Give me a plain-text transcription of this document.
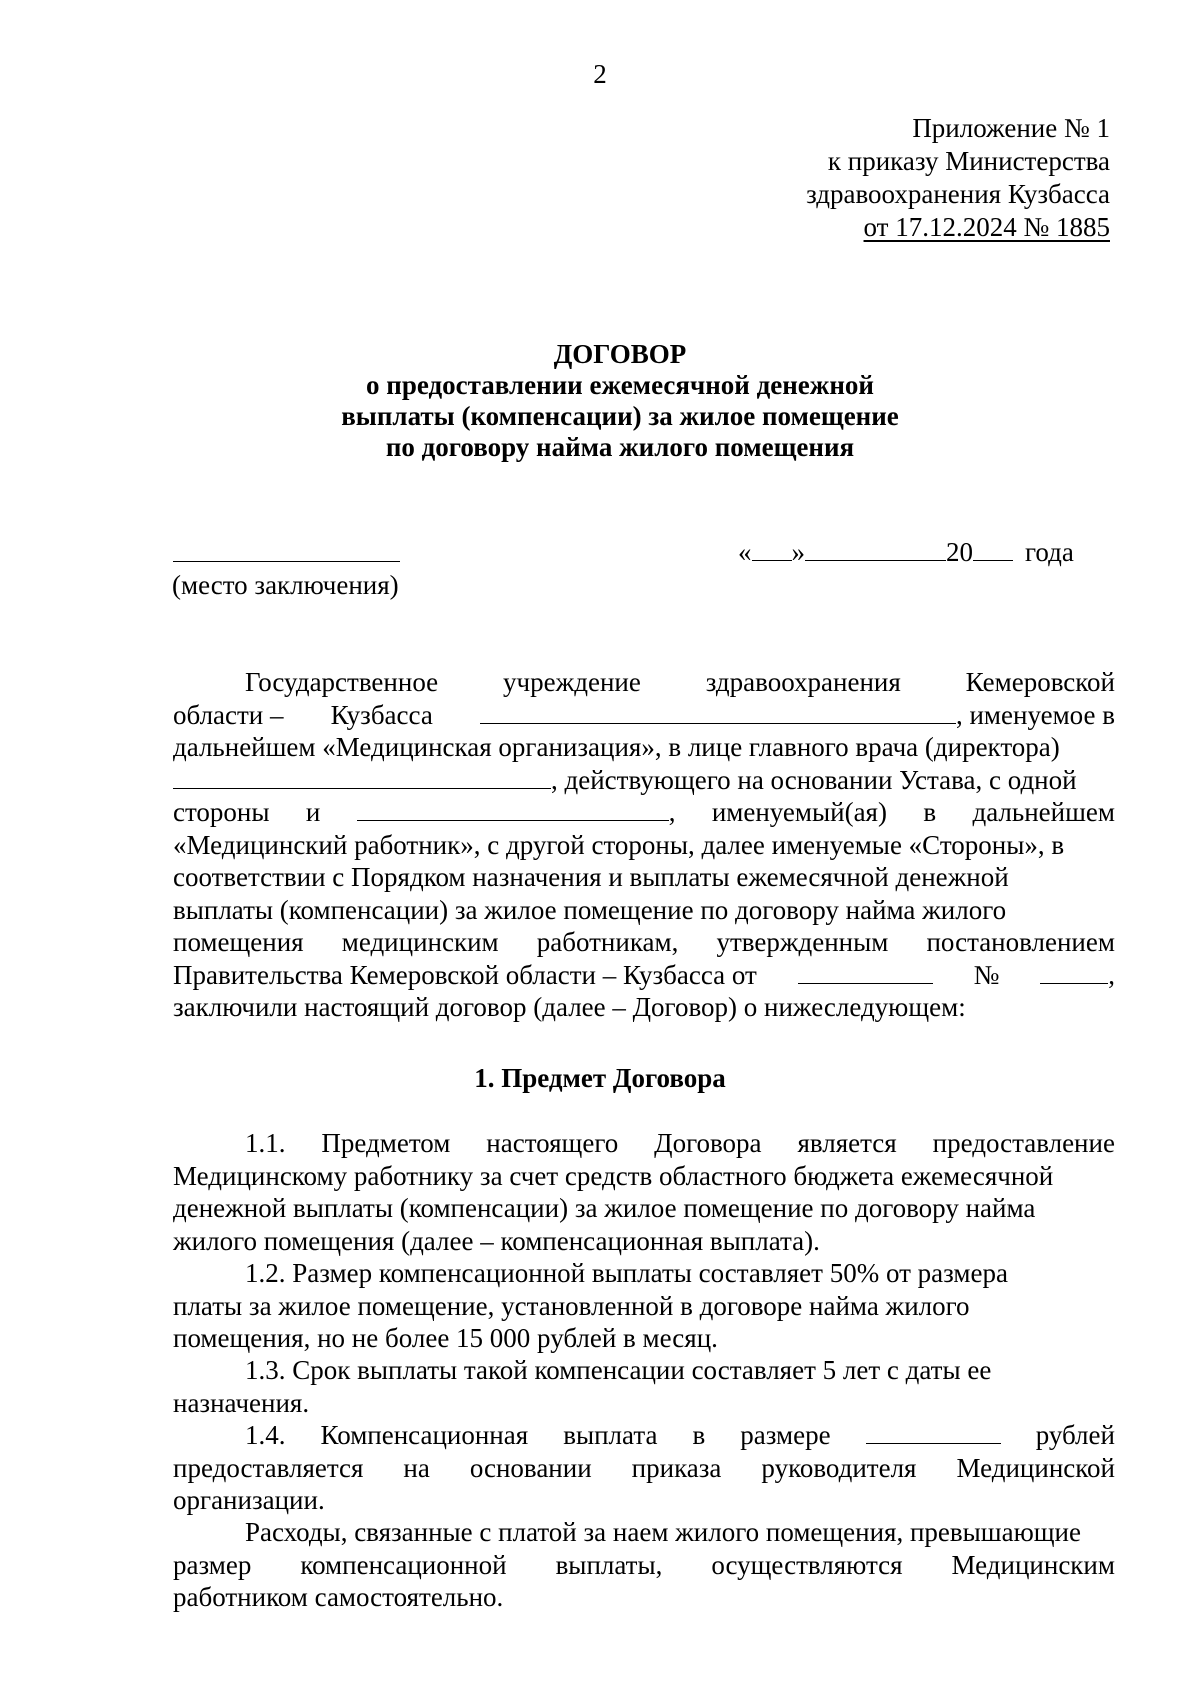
2
Приложение № 1
к приказу Министерства
здравоохранения Кузбасса
от 17.12.2024 № 1885
ДОГОВОР
о предоставлении ежемесячной денежной
выплаты (компенсации) за жилое помещение
по договору найма жилого помещения
(место заключения)
« »	20 года
Государственное учреждение здравоохранения Кемеровской
области – Кузбасса	, именуемое в
дальнейшем «Медицинская организация», в лице главного врача (директора)
, действующего на основании Устава, с одной
стороны и	, именуемый(ая) в дальнейшем
«Медицинский работник», с другой стороны, далее именуемые «Стороны», в
соответствии с Порядком назначения и выплаты ежемесячной денежной
выплаты (компенсации) за жилое помещение по договору найма жилого
помещения медицинским работникам, утвержденным постановлением
Правительства Кемеровской области – Кузбасса от	№	,
заключили настоящий договор (далее – Договор) о нижеследующем:
1. Предмет Договора
1.1. Предметом настоящего Договора является предоставление
Медицинскому работнику за счет средств областного бюджета ежемесячной
денежной выплаты (компенсации) за жилое помещение по договору найма
жилого помещения (далее – компенсационная выплата).
1.2. Размер компенсационной выплаты составляет 50% от размера
платы за жилое помещение, установленной в договоре найма жилого
помещения, но не более 15 000 рублей в месяц.
1.3. Срок выплаты такой компенсации составляет 5 лет с даты ее
назначения.
1.4. Компенсационная выплата в размере	рублей
предоставляется на основании приказа руководителя Медицинской
организации.
Расходы, связанные с платой за наем жилого помещения, превышающие
размер компенсационной выплаты, осуществляются Медицинским
работником самостоятельно.
